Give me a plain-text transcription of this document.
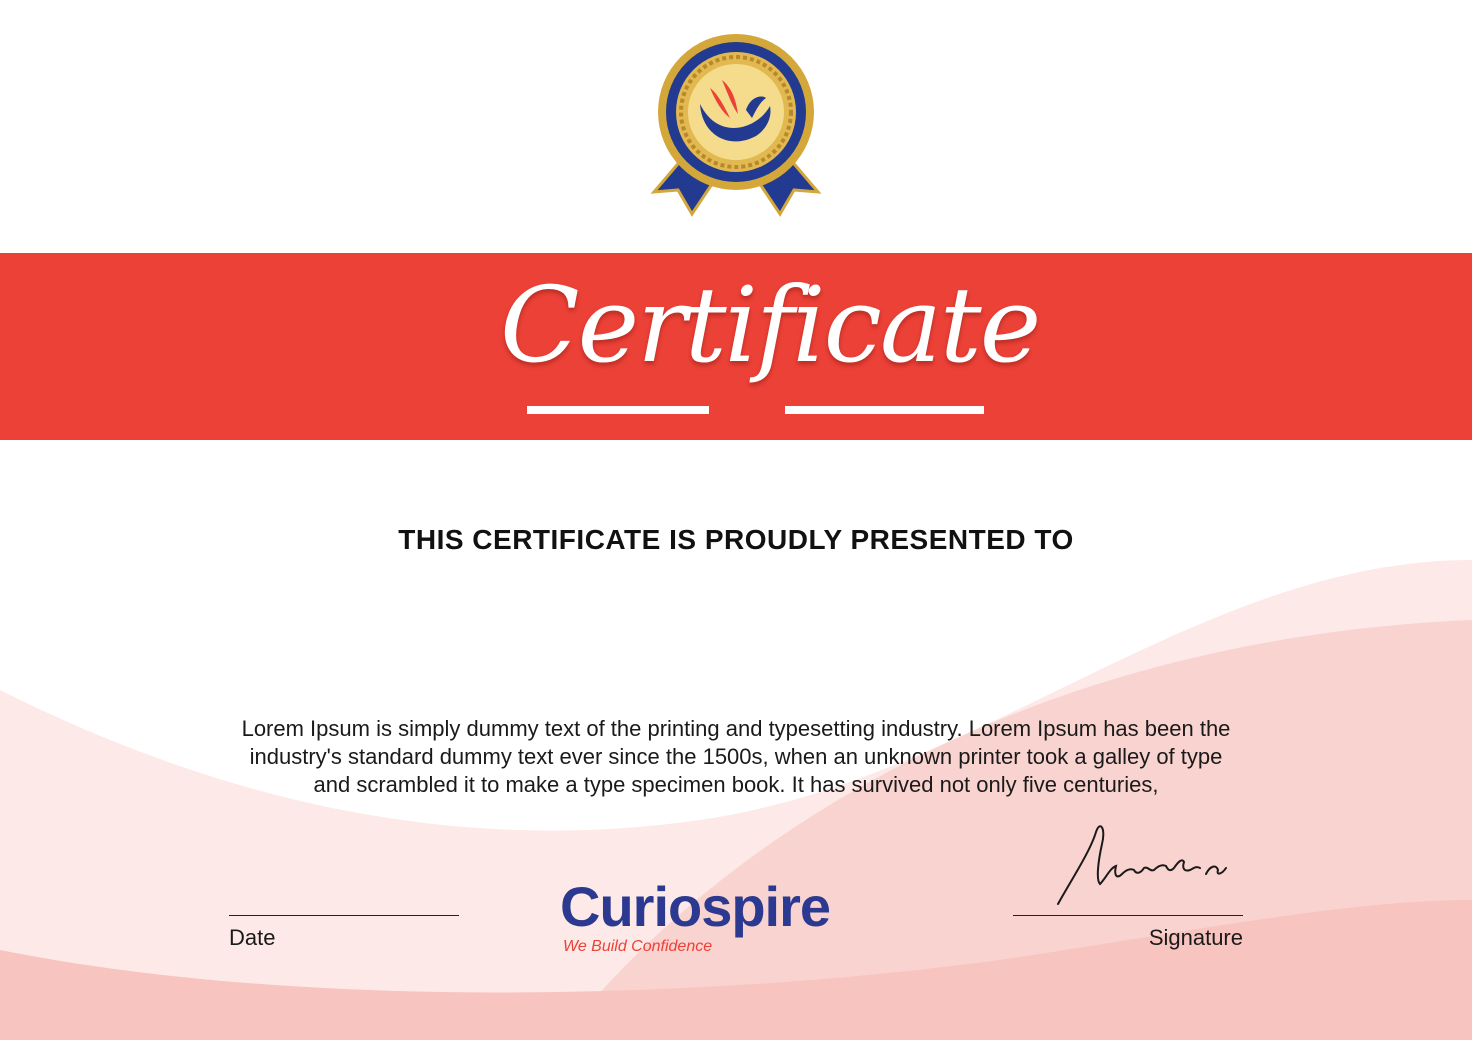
Certificate
THIS CERTIFICATE IS PROUDLY PRESENTED TO
Lorem Ipsum is simply dummy text of the printing and typesetting industry. Lorem Ipsum has been the industry's standard dummy text ever since the 1500s, when an unknown printer took a galley of type and scrambled it to make a type specimen book. It has survived not only five centuries,
Date	Signature
Curiospire
We Build Confidence
